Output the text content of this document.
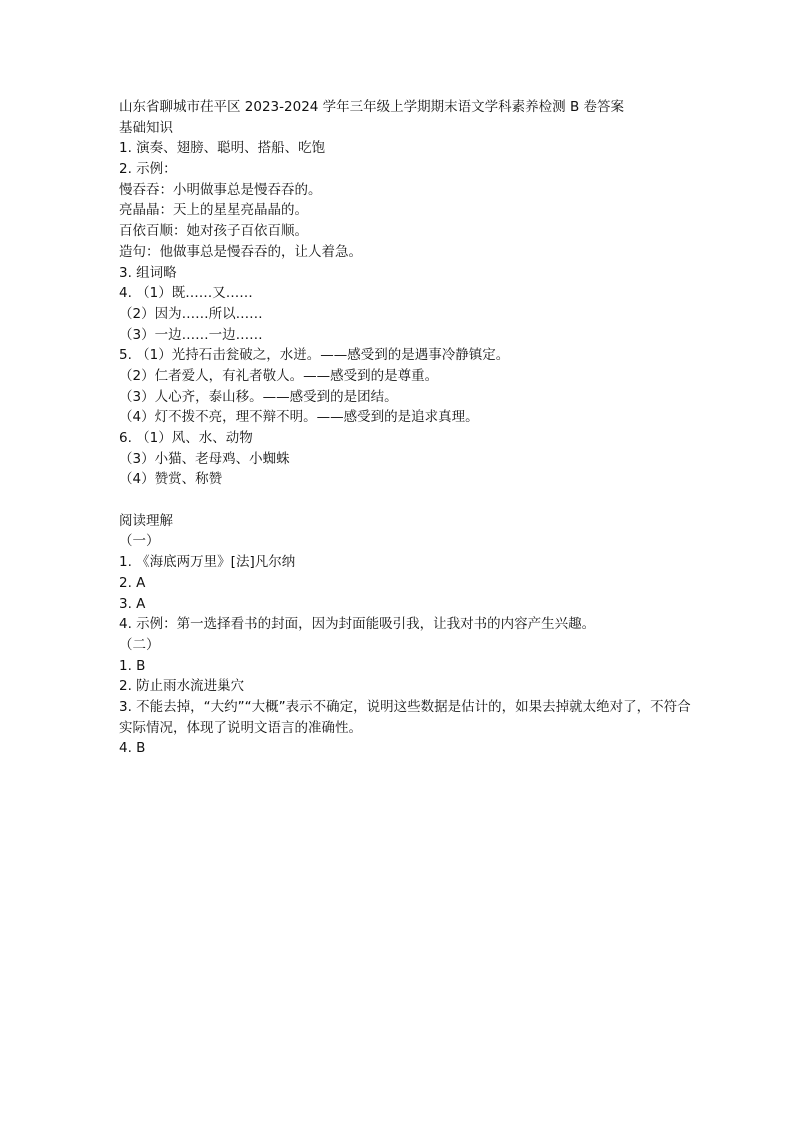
山东省聊城市茌平区 2023-2024 学年三年级上学期期末语文学科素养检测 B 卷答案
基础知识
1. 演奏、翅膀、聪明、搭船、吃饱
2. 示例：
慢吞吞：小明做事总是慢吞吞的。
亮晶晶：天上的星星亮晶晶的。
百依百顺：她对孩子百依百顺。
造句：他做事总是慢吞吞的，让人着急。
3. 组词略
4. （1）既……又……
（2）因为……所以……
（3）一边……一边……
5. （1）光持石击瓮破之，水迸。——感受到的是遇事冷静镇定。
（2）仁者爱人，有礼者敬人。——感受到的是尊重。
（3）人心齐，泰山移。——感受到的是团结。
（4）灯不拨不亮，理不辩不明。——感受到的是追求真理。
6. （1）风、水、动物
（3）小猫、老母鸡、小蜘蛛
（4）赞赏、称赞
阅读理解
（一）
1. 《海底两万里》[法]凡尔纳
2. A
3. A
4. 示例：第一选择看书的封面，因为封面能吸引我，让我对书的内容产生兴趣。
（二）
1. B
2. 防止雨水流进巢穴
3. 不能去掉，“大约”“大概”表示不确定，说明这些数据是估计的，如果去掉就太绝对了，不符合实际情况，体现了说明文语言的准确性。
4. B
